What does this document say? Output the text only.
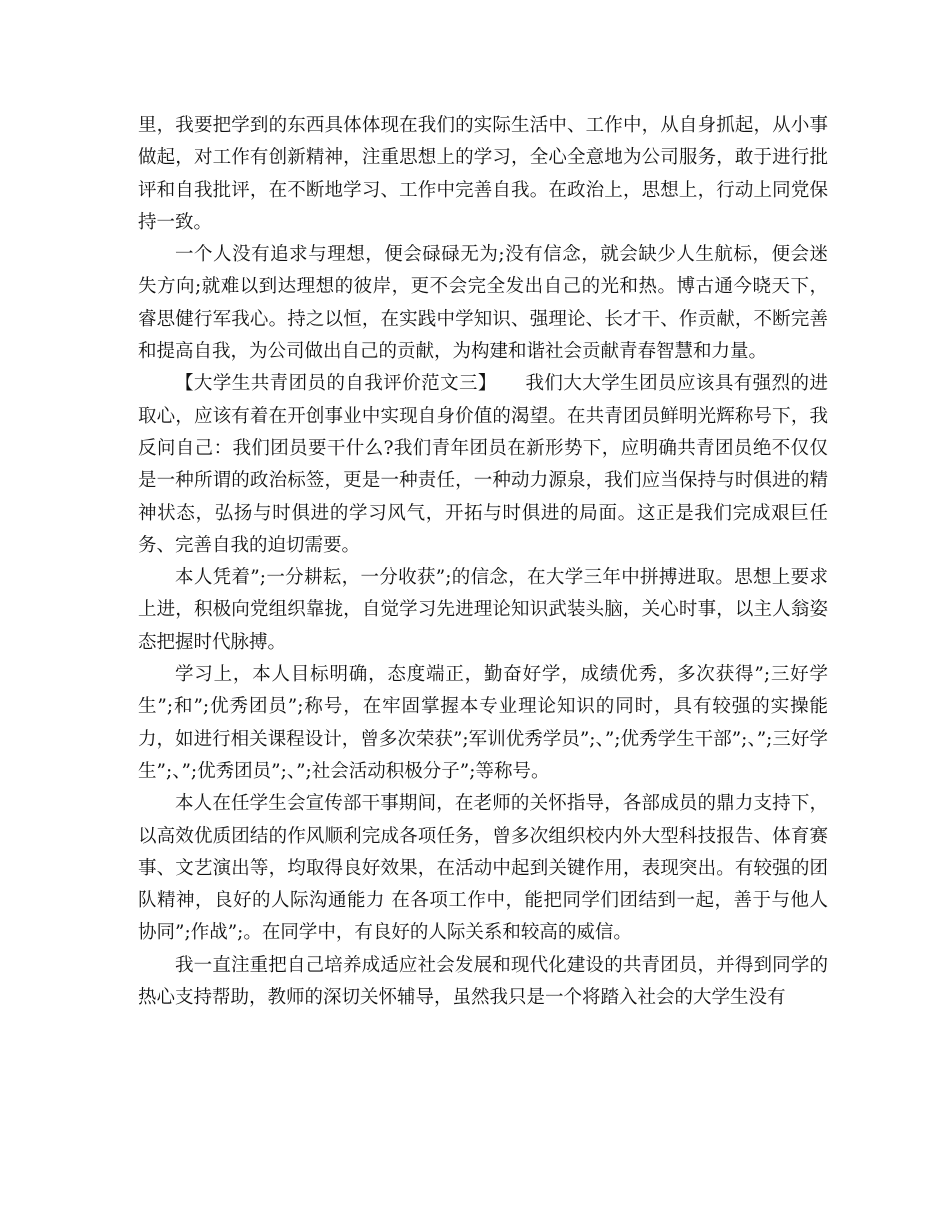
里，我要把学到的东西具体体现在我们的实际生活中、工作中，从自身抓起，从小事做起，对工作有创新精神，注重思想上的学习，全心全意地为公司服务，敢于进行批评和自我批评，在不断地学习、工作中完善自我。在政治上，思想上，行动上同党保持一致。

一个人没有追求与理想，便会碌碌无为;没有信念，就会缺少人生航标，便会迷失方向;就难以到达理想的彼岸，更不会完全发出自己的光和热。博古通今晓天下，睿思健行军我心。持之以恒，在实践中学知识、强理论、长才干、作贡献，不断完善和提高自我，为公司做出自己的贡献，为构建和谐社会贡献青春智慧和力量。

【大学生共青团员的自我评价范文三】　　我们大大学生团员应该具有强烈的进取心，应该有着在开创事业中实现自身价值的渴望。在共青团员鲜明光辉称号下，我反问自己：我们团员要干什么?我们青年团员在新形势下，应明确共青团员绝不仅仅是一种所谓的政治标签，更是一种责任，一种动力源泉，我们应当保持与时俱进的精神状态，弘扬与时俱进的学习风气，开拓与时俱进的局面。这正是我们完成艰巨任务、完善自我的迫切需要。

本人凭着”;一分耕耘，一分收获”;的信念，在大学三年中拼搏进取。思想上要求上进，积极向党组织靠拢，自觉学习先进理论知识武装头脑，关心时事，以主人翁姿态把握时代脉搏。

学习上，本人目标明确，态度端正，勤奋好学，成绩优秀，多次获得”;三好学生”;和”;优秀团员”;称号，在牢固掌握本专业理论知识的同时，具有较强的实操能力，如进行相关课程设计，曾多次荣获”;军训优秀学员”;、”;优秀学生干部”;、”;三好学生”;、”;优秀团员”;、”;社会活动积极分子”;等称号。

本人在任学生会宣传部干事期间，在老师的关怀指导，各部成员的鼎力支持下，以高效优质团结的作风顺利完成各项任务，曾多次组织校内外大型科技报告、体育赛事、文艺演出等，均取得良好效果，在活动中起到关键作用，表现突出。有较强的团队精神，良好的人际沟通能力 在各项工作中，能把同学们团结到一起，善于与他人协同”;作战”;。在同学中，有良好的人际关系和较高的威信。

我一直注重把自己培养成适应社会发展和现代化建设的共青团员，并得到同学的热心支持帮助，教师的深切关怀辅导，虽然我只是一个将踏入社会的大学生没有
